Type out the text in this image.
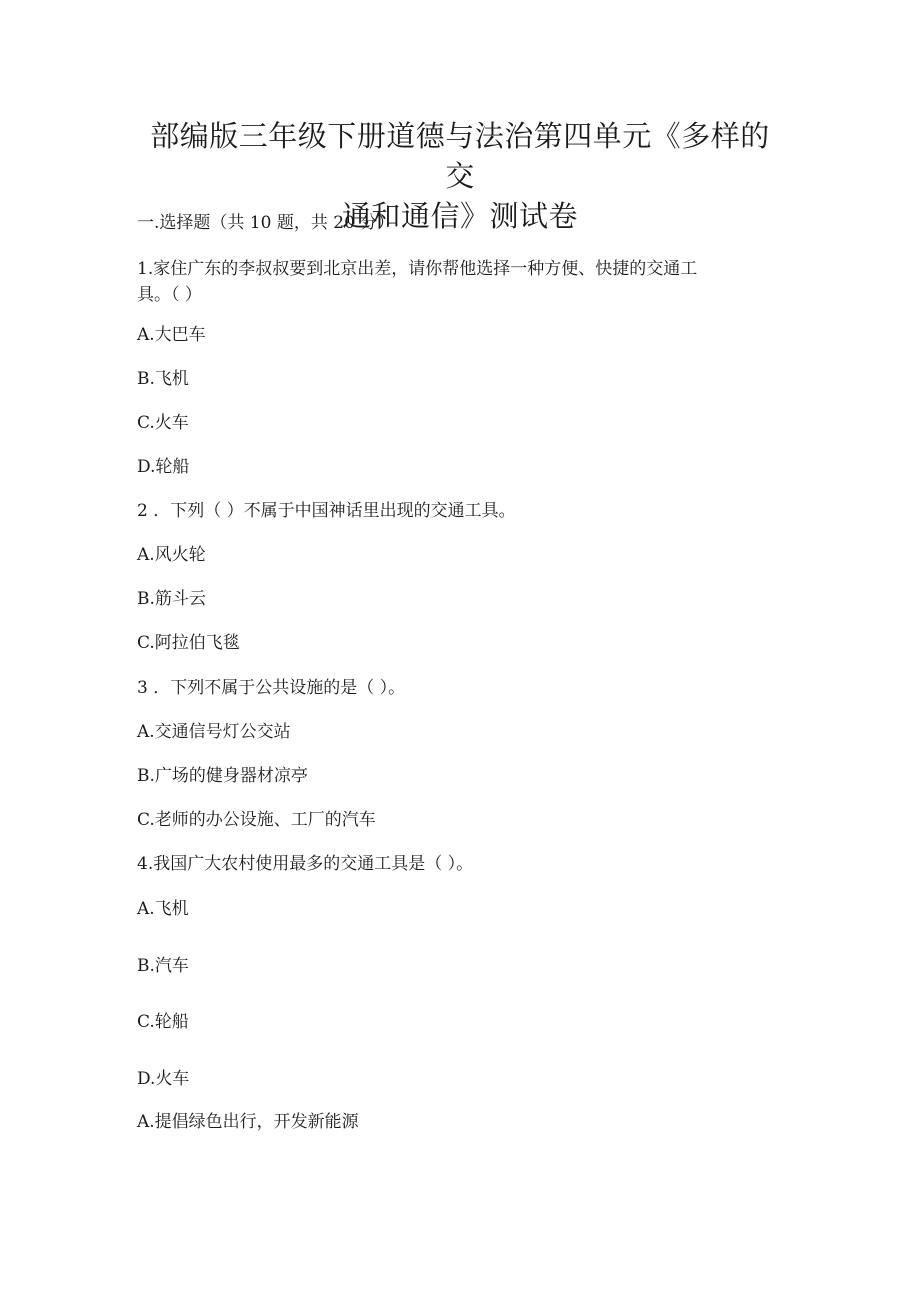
部编版三年级下册道德与法治第四单元《多样的交
通和通信》测试卷

一.选择题（共 10 题，共 20 分）

1.家住广东的李叔叔要到北京出差，请你帮他选择一种方便、快捷的交通工
具。（ ）

A.大巴车

B.飞机

C.火车

D.轮船

2 ．下列（ ）不属于中国神话里出现的交通工具。

A.风火轮

B.筋斗云

C.阿拉伯飞毯

3 ．下列不属于公共设施的是（ ）。

A.交通信号灯公交站

B.广场的健身器材凉亭

C.老师的办公设施、工厂的汽车

4.我国广大农村使用最多的交通工具是（ ）。

A.飞机

B.汽车

C.轮船

D.火车

A.提倡绿色出行，开发新能源
